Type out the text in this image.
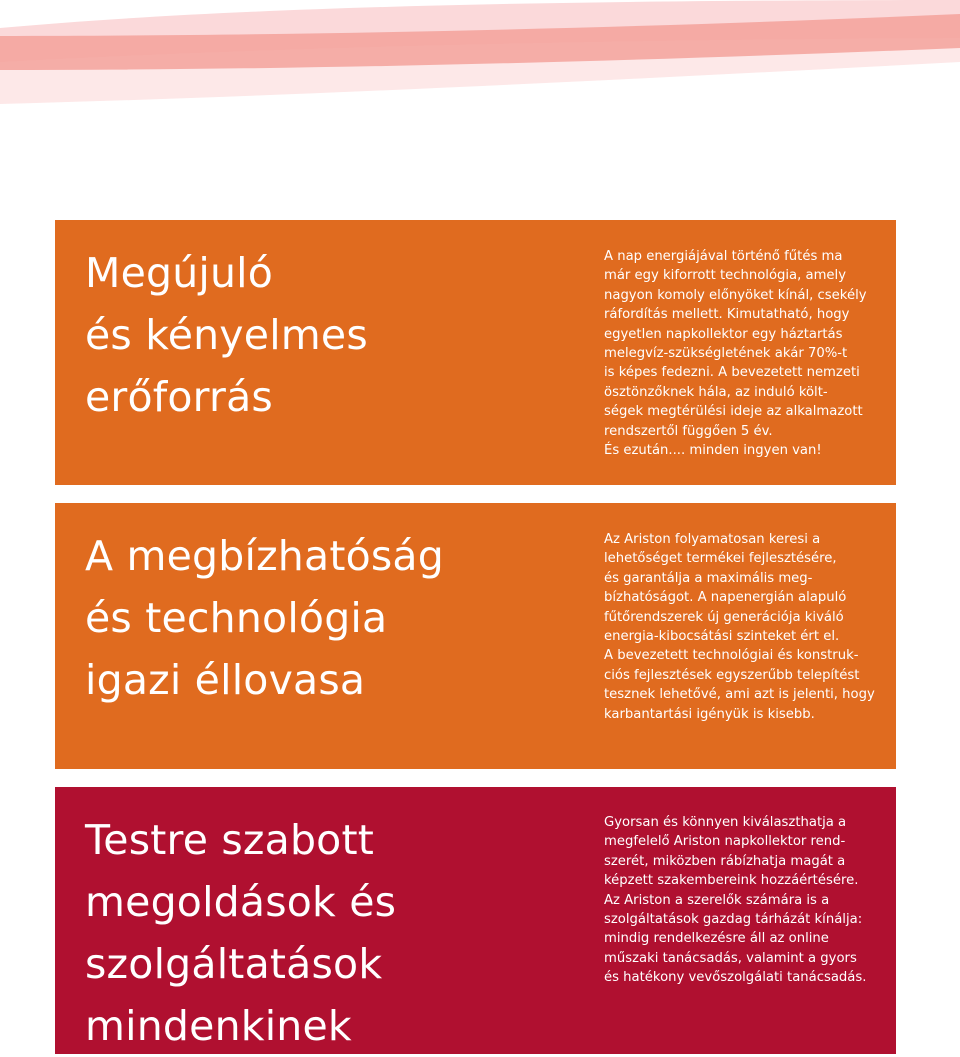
Megújuló
és kényelmes
erőforrás

A nap energiájával történő fűtés ma
már egy kiforrott technológia, amely
nagyon komoly előnyöket kínál, csekély
ráfordítás mellett. Kimutatható, hogy
egyetlen napkollektor egy háztartás
melegvíz-szükségletének akár 70%-t
is képes fedezni. A bevezetett nemzeti
ösztönzőknek hála, az induló költ-
ségek megtérülési ideje az alkalmazott
rendszertől függően 5 év.
És ezután.... minden ingyen van!

A megbízhatóság
és technológia
igazi éllovasa

Az Ariston folyamatosan keresi a
lehetőséget termékei fejlesztésére,
és garantálja a maximális meg-
bízhatóságot. A napenergián alapuló
fűtőrendszerek új generációja kiváló
energia-kibocsátási szinteket ért el.
A bevezetett technológiai és konstruk-
ciós fejlesztések egyszerűbb telepítést
tesznek lehetővé, ami azt is jelenti, hogy
karbantartási igényük is kisebb.

Testre szabott
megoldások és
szolgáltatások
mindenkinek

Gyorsan és könnyen kiválaszthatja a
megfelelő Ariston napkollektor rend-
szerét, miközben rábízhatja magát a
képzett szakembereink hozzáértésére.
Az Ariston a szerelők számára is a
szolgáltatások gazdag tárházát kínálja:
mindig rendelkezésre áll az online
műszaki tanácsadás, valamint a gyors
és hatékony vevőszolgálati tanácsadás.
